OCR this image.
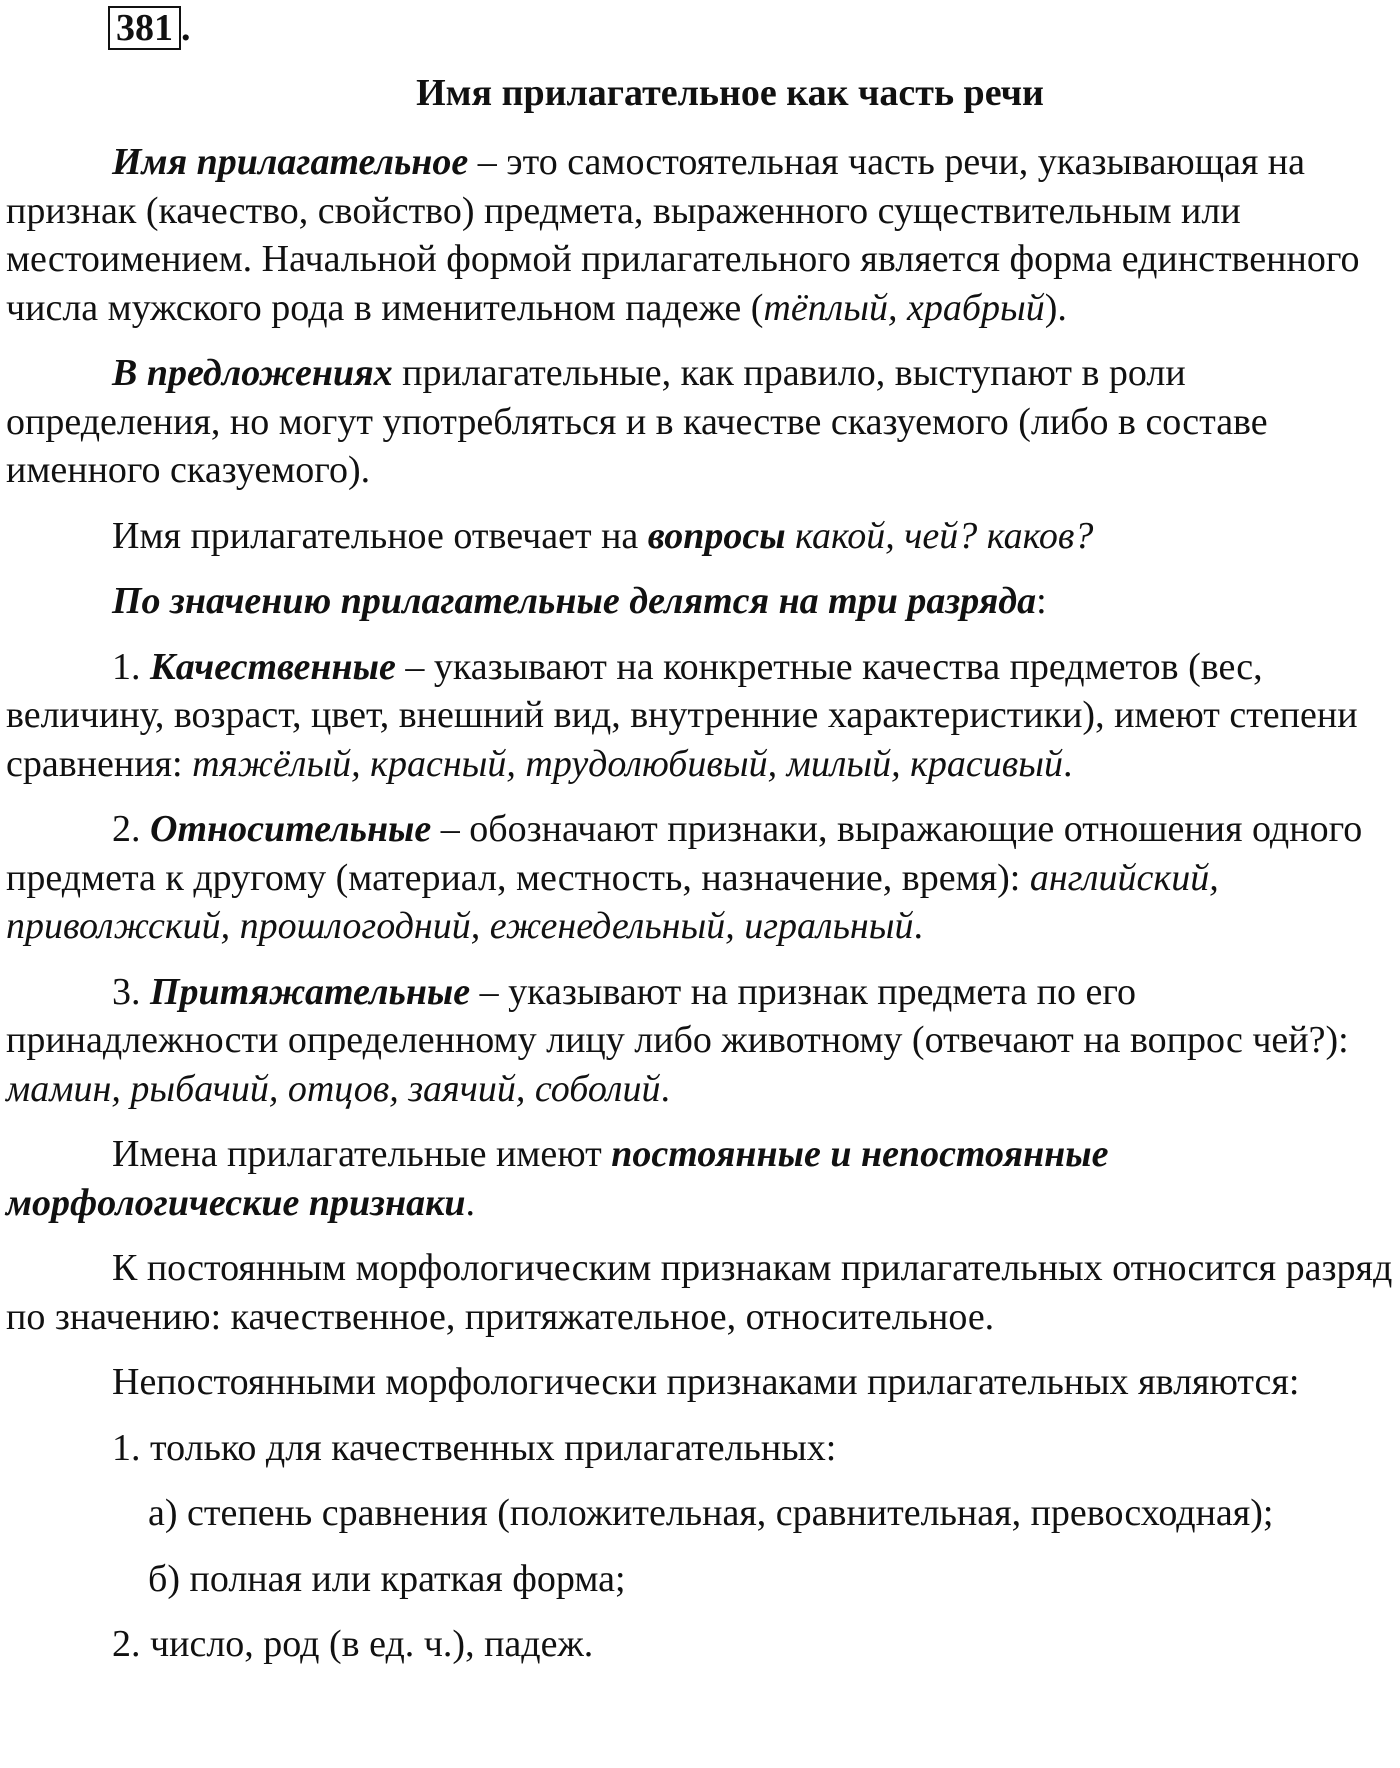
381 .
Имя прилагательное как часть речи

Имя прилагательное – это самостоятельная часть речи, указывающая на признак (качество, свойство) предмета, выраженного существительным или местоимением. Начальной формой прилагательного является форма единственного числа мужского рода в именительном падеже (тёплый, храбрый).

В предложениях прилагательные, как правило, выступают в роли определения, но могут употребляться и в качестве сказуемого (либо в составе именного сказуемого).

Имя прилагательное отвечает на вопросы какой, чей? каков?

По значению прилагательные делятся на три разряда:

1. Качественные – указывают на конкретные качества предметов (вес, величину, возраст, цвет, внешний вид, внутренние характеристики), имеют степени сравнения: тяжёлый, красный, трудолюбивый, милый, красивый.

2. Относительные – обозначают признаки, выражающие отношения одного предмета к другому (материал, местность, назначение, время): английский, приволжский, прошлогодний, еженедельный, игральный.

3. Притяжательные – указывают на признак предмета по его принадлежности определенному лицу либо животному (отвечают на вопрос чей?): мамин, рыбачий, отцов, заячий, соболий.

Имена прилагательные имеют постоянные и непостоянные морфологические признаки.

К постоянным морфологическим признакам прилагательных относится разряд по значению: качественное, притяжательное, относительное.

Непостоянными морфологически признаками прилагательных являются:

1. только для качественных прилагательных:

а) степень сравнения (положительная, сравнительная, превосходная);

б) полная или краткая форма;

2. число, род (в ед. ч.), падеж.
